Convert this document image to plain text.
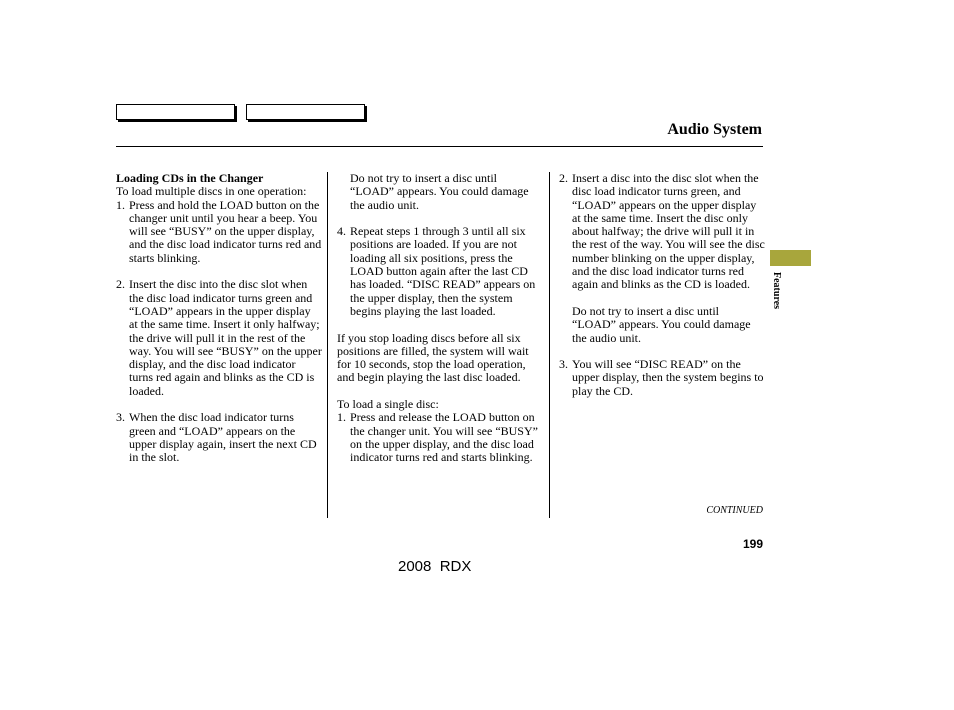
Audio System

Loading CDs in the Changer

To load multiple discs in one operation:

1. Press and hold the LOAD button on the changer unit until you hear a beep. You will see “BUSY” on the upper display, and the disc load indicator turns red and starts blinking.
2. Insert the disc into the disc slot when the disc load indicator turns green and “LOAD” appears in the upper display at the same time. Insert it only halfway; the drive will pull it in the rest of the way. You will see “BUSY” on the upper display, and the disc load indicator turns red again and blinks as the CD is loaded.
3. When the disc load indicator turns green and “LOAD” appears on the upper display again, insert the next CD in the slot.

Do not try to insert a disc until “LOAD” appears. You could damage the audio unit.

4. Repeat steps 1 through 3 until all six positions are loaded. If you are not loading all six positions, press the LOAD button again after the last CD has loaded. “DISC READ” appears on the upper display, then the system begins playing the last loaded.

If you stop loading discs before all six positions are filled, the system will wait for 10 seconds, stop the load operation, and begin playing the last disc loaded.

To load a single disc:

1. Press and release the LOAD button on the changer unit. You will see “BUSY” on the upper display, and the disc load indicator turns red and starts blinking.
2. Insert a disc into the disc slot when the disc load indicator turns green, and “LOAD” appears on the upper display at the same time. Insert the disc only about halfway; the drive will pull it in the rest of the way. You will see the disc number blinking on the upper display, and the disc load indicator turns red again and blinks as the CD is loaded.

Do not try to insert a disc until “LOAD” appears. You could damage the audio unit.

3. You will see “DISC READ” on the upper display, then the system begins to play the CD.
Features
CONTINUED
199
2008  RDX
